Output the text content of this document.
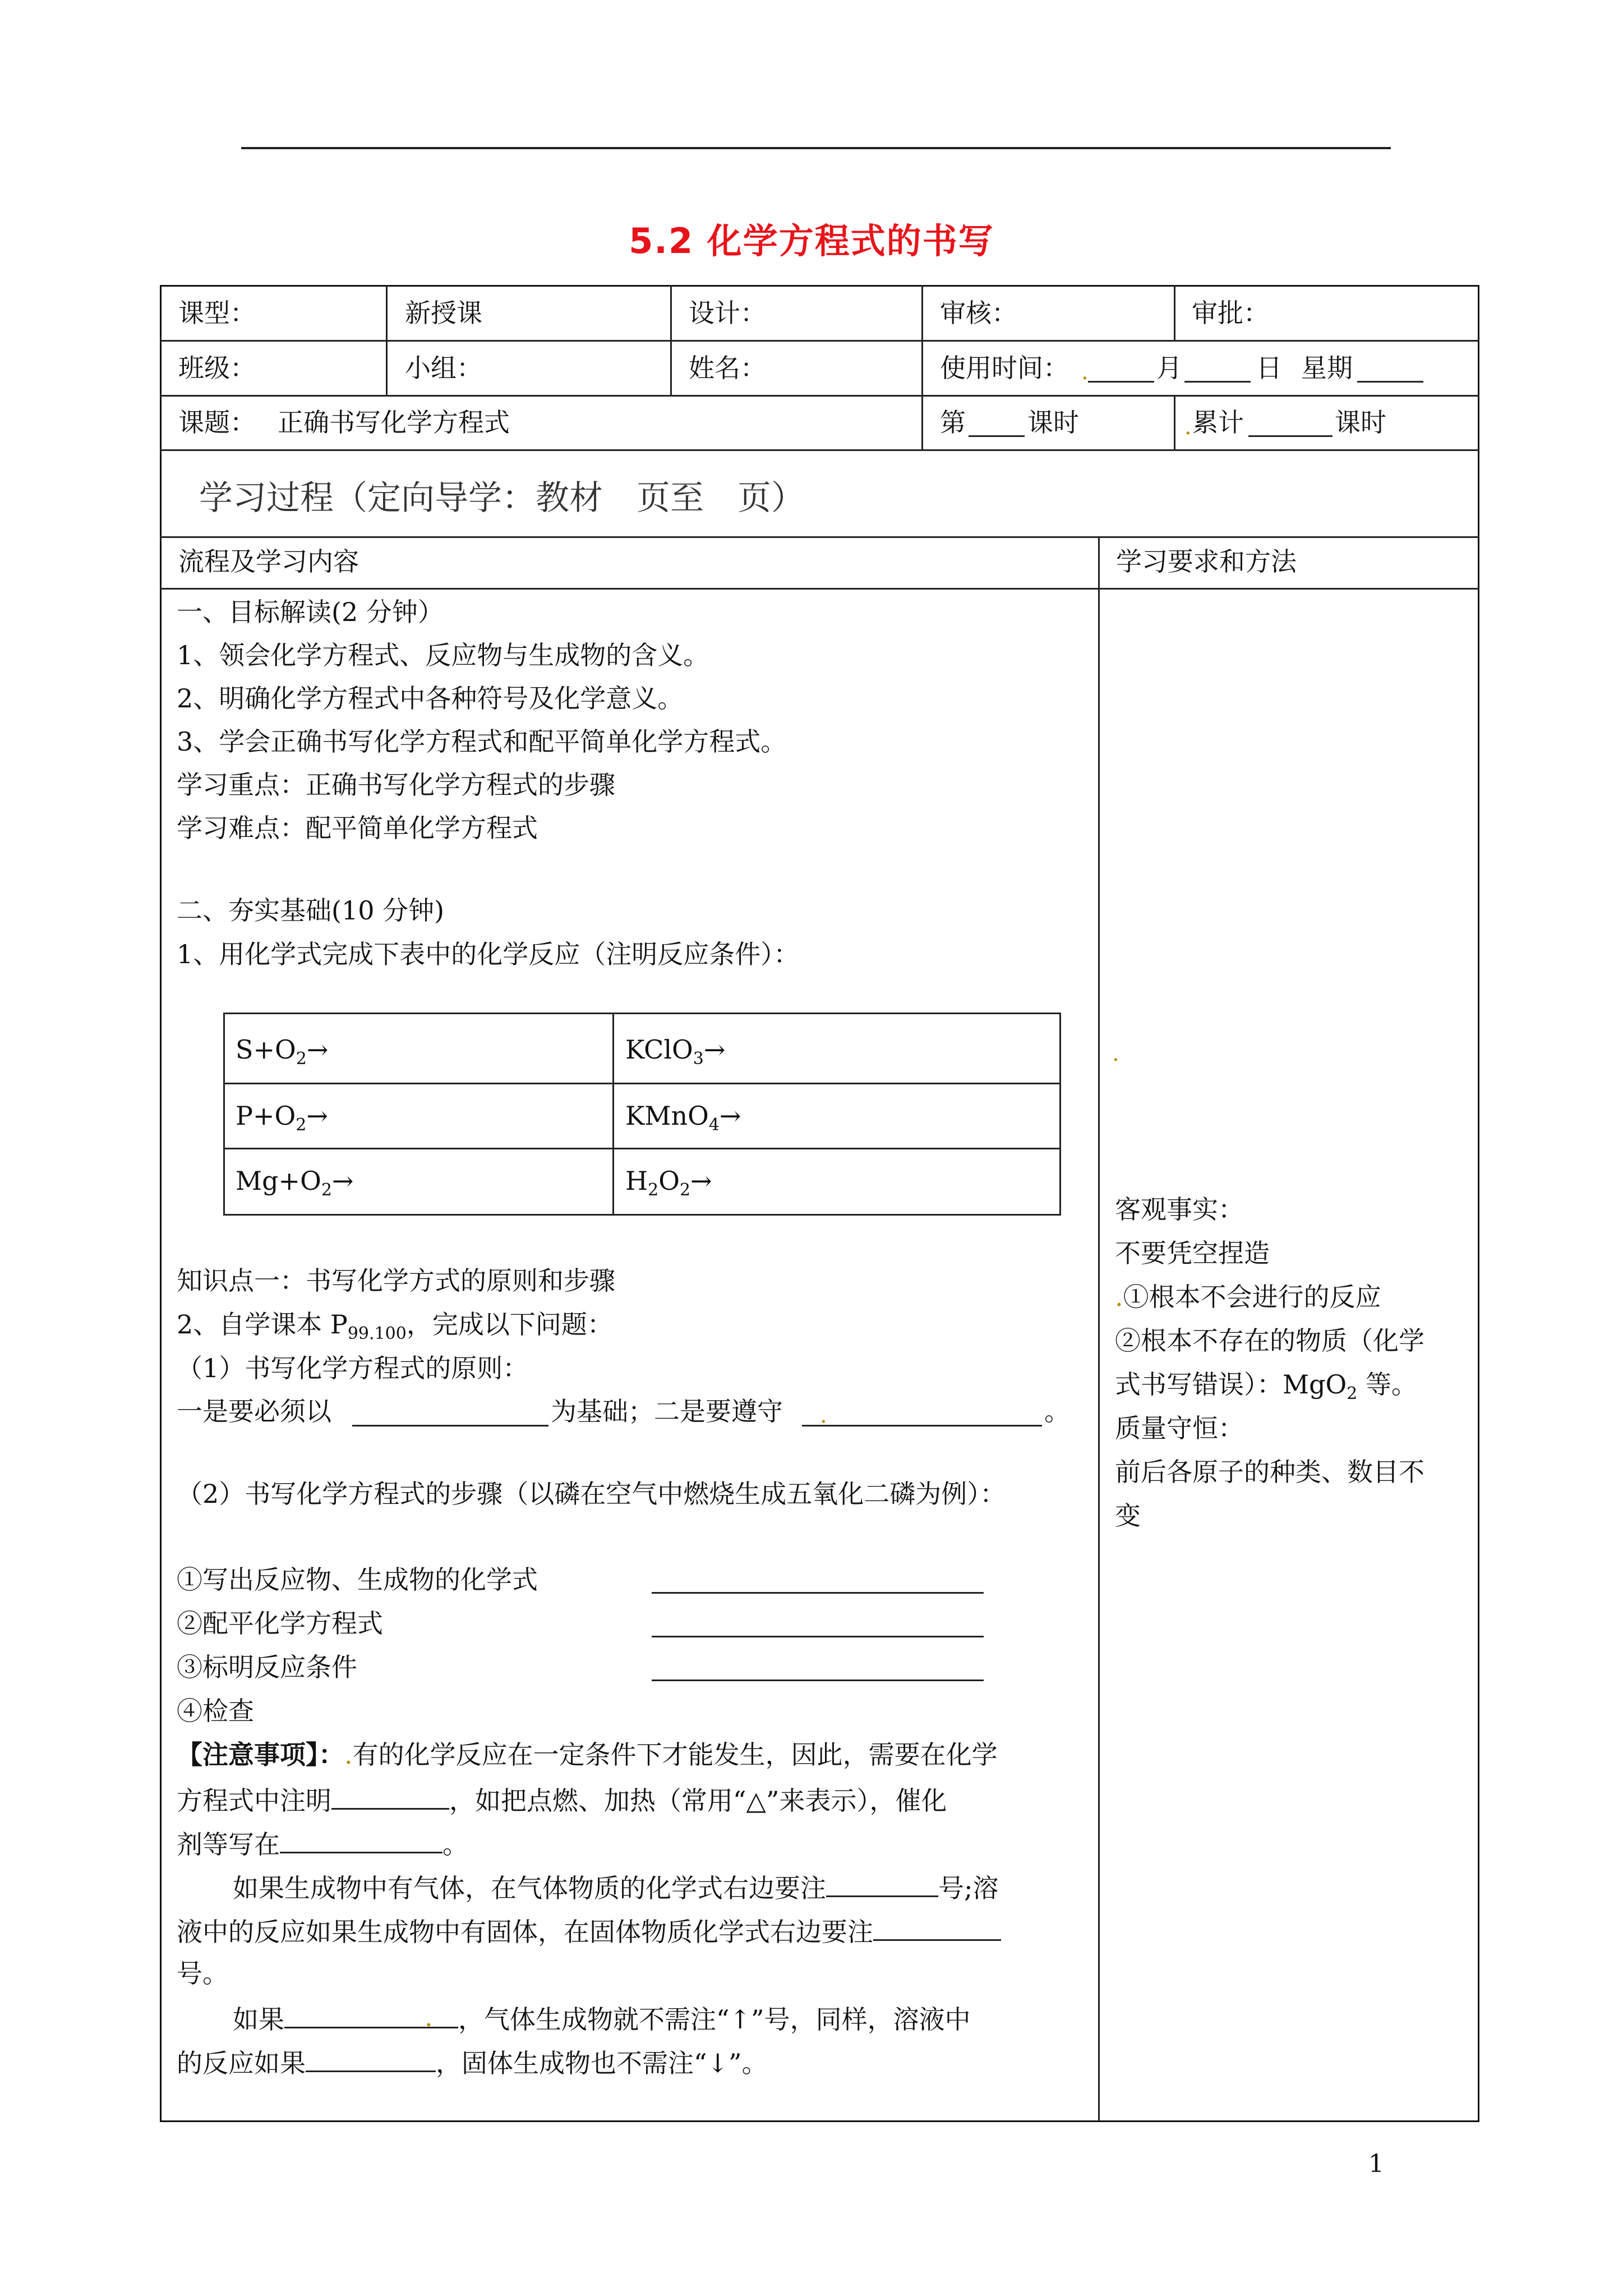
5.2 化学方程式的书写
课型：	新授课	设计：	审核：	审批：
班级：	小组：	姓名：	使用时间： .	月	日 星期
课题： 正确书写化学方程式	第 课时	. 累计	课时
学习过程（定向导学：教材　页至　页）
流程及学习内容	学习要求和方法
一、目标解读(2 分钟）
1、领会化学方程式、反应物与生成物的含义。
2、明确化学方程式中各种符号及化学意义。
3、学会正确书写化学方程式和配平简单化学方程式。
学习重点：正确书写化学方程式的步骤
学习难点：配平简单化学方程式
二、夯实基础(10 分钟)
1、用化学式完成下表中的化学反应（注明反应条件）：
$S+O_2\to$	KClO$_3$→
$P+O_2\to$	KMnO$_4$→
$Mg+O_2\to$	$H_2O_2\to$
知识点一：书写化学方式的原则和步骤
2、自学课本 $P_{99.100}$，完成以下问题：
（1）书写化学方程式的原则：
一是要必须以	为基础；二是要遵守 .	。
（2）书写化学方程式的步骤（以磷在空气中燃烧生成五氧化二磷为例）：
①写出反应物、生成物的化学式
②配平化学方程式
③标明反应条件
④检查
【注意事项】：.有的化学反应在一定条件下才能发生，因此，需要在化学
方程式中注明	，如把点燃、加热（常用“△”来表示），催化
剂等写在	。
如果生成物中有气体，在气体物质的化学式右边要注	号;溶
液中的反应如果生成物中有固体，在固体物质化学式右边要注
号。
如果	. ，气体生成物就不需注“↑”号，同样，溶液中
的反应如果	，固体生成物也不需注“↓”。
.
客观事实：
不要凭空捏造
.①根本不会进行的反应
②根本不存在的物质（化学
式书写错误）：MgO$_2$ 等。
质量守恒：
前后各原子的种类、数目不
变
1
